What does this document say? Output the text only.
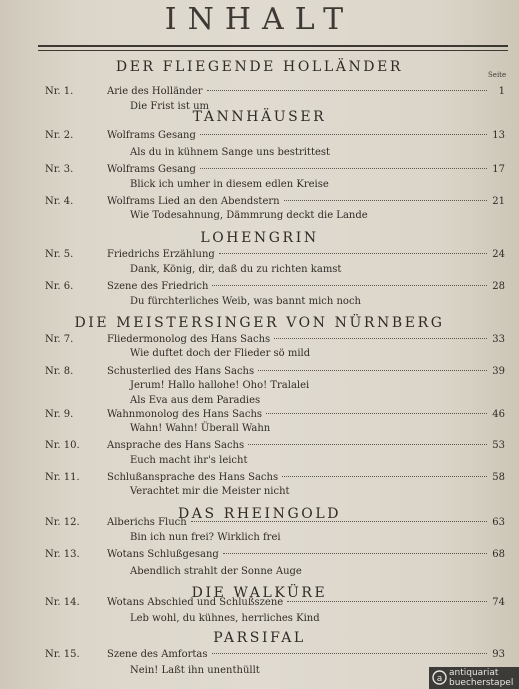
INHALT
Seite
DER FLIEGENDE HOLLÄNDER
Nr. 1.	Arie des Holländer	1
Die Frist ist um
TANNHÄUSER
Nr. 2.	Wolframs Gesang	13
Als du in kühnem Sange uns bestrittest
Nr. 3.	Wolframs Gesang	17
Blick ich umher in diesem edlen Kreise
Nr. 4.	Wolframs Lied an den Abendstern	21
Wie Todesahnung, Dämmrung deckt die Lande
LOHENGRIN
Nr. 5.	Friedrichs Erzählung	24
Dank, König, dir, daß du zu richten kamst
Nr. 6.	Szene des Friedrich	28
Du fürchterliches Weib, was bannt mich noch
DIE MEISTERSINGER VON NÜRNBERG
Nr. 7.	Fliedermonolog des Hans Sachs	33
Wie duftet doch der Flieder sö mild
Nr. 8.	Schusterlied des Hans Sachs	39
Jerum! Hallo hallohe! Oho! Tralalei
Als Eva aus dem Paradies
Nr. 9.	Wahnmonolog des Hans Sachs	46
Wahn! Wahn! Überall Wahn
Nr. 10.	Ansprache des Hans Sachs	53
Euch macht ihr's leicht
Nr. 11.	Schlußansprache des Hans Sachs	58
Verachtet mir die Meister nicht
DAS RHEINGOLD
Nr. 12.	Alberichs Fluch	63
Bin ich nun frei? Wirklich frei
Nr. 13.	Wotans Schlußgesang	68
Abendlich strahlt der Sonne Auge
DIE WALKÜRE
Nr. 14.	Wotans Abschied und Schlußszene	74
Leb wohl, du kühnes, herrliches Kind
PARSIFAL
Nr. 15.	Szene des Amfortas	93
Nein! Laßt ihn unenthüllt
a
antiquariat
buecherstapel
